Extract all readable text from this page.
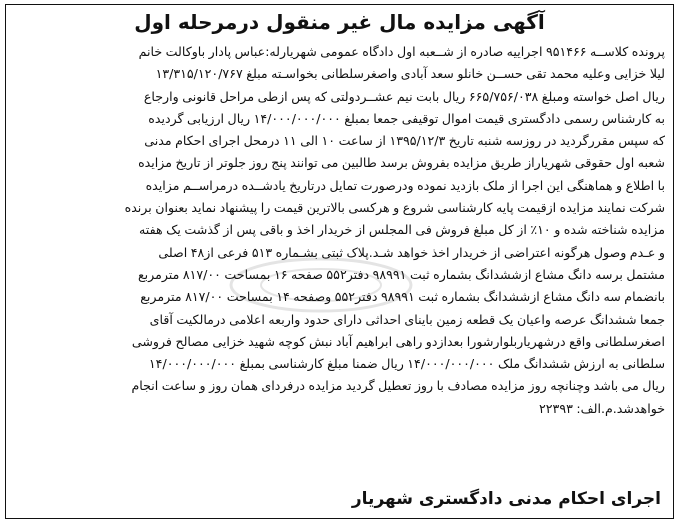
آگهی مزایده مال غیر منقول درمرحله اول
پرونده کلاســه ۹۵۱۴۶۶ اجراییه صادره از شــعبه اول دادگاه عمومی شهریارله:عباس پادار باوکالت خانم
لیلا خزایی وعلیه محمد تقی حســن خانلو سعد آبادی واصغرسلطانی بخواسـته مبلغ ۱۳/۳۱۵/۱۲۰/۷۶۷
ریال اصل خواسته ومبلغ ۶۶۵/۷۵۶/۰۳۸ ریال بابت نیم عشــردولتی که پس ازطی مراحل قانونی وارجاع
به کارشناس رسمی دادگستری قیمت اموال توقیفی جمعا بمبلغ ۱۴/۰۰۰/۰۰۰/۰۰۰ ریال ارزیابی گردیده
که سپس مقررگردید در روزسه شنبه تاریخ ۱۳۹۵/۱۲/۳ از ساعت ۱۰ الی ۱۱ درمحل اجرای احکام مدنی
شعبه اول حقوقی شهریاراز طریق مزایده بفروش برسد طالبین می توانند پنج روز جلوتر از تاریخ مزایده
با اطلاع و هماهنگی این اجرا از ملک بازدید نموده ودرصورت تمایل درتاریخ یادشــده درمراســم مزایده
شرکت نمایند مزایده ازقیمت پایه کارشناسی شروع و هرکسی بالاترین قیمت را پیشنهاد نماید بعنوان برنده
مزایده شناخته شده و ۱۰٪ از کل مبلغ فروش فی المجلس از خریدار اخذ و باقی پس از گذشت یک هفته
و عـدم وصول هرگونه اعتراضی از خریدار اخذ خواهد شـد.پلاک ثبتی بشـماره ۵۱۳ فرعی از۴۸ اصلی
مشتمل برسه دانگ مشاع ازششدانگ بشماره ثبت ۹۸۹۹۱ دفتر۵۵۲ صفحه ۱۶ بمساحت ۸۱۷/۰۰ مترمربع
بانضمام سه دانگ مشاع ازششدانگ بشماره ثبت ۹۸۹۹۱ دفتر۵۵۲ وصفحه ۱۴ بمساحت ۸۱۷/۰۰ مترمربع
جمعا ششدانگ عرصه واعیان یک قطعه زمین باینای احداثی دارای حدود واربعه اعلامی درمالکیت آقای
اصغرسلطانی واقع درشهریاربلوارشورا بعدازدو راهی ابراهیم آباد نبش کوچه شهید خزایی مصالح فروشی
سلطانی به ارزش ششدانگ ملک ۱۴/۰۰۰/۰۰۰/۰۰۰ ریال ضمنا مبلغ کارشناسی بمبلغ ۱۴/۰۰۰/۰۰۰/۰۰۰
ریال می باشد وچنانچه روز مزایده مصادف با روز تعطیل گردید مزایده درفردای همان روز و ساعت انجام
خواهدشد.م.الف: ۲۲۳۹۳
اجرای احکام مدنی دادگستری شهریار
